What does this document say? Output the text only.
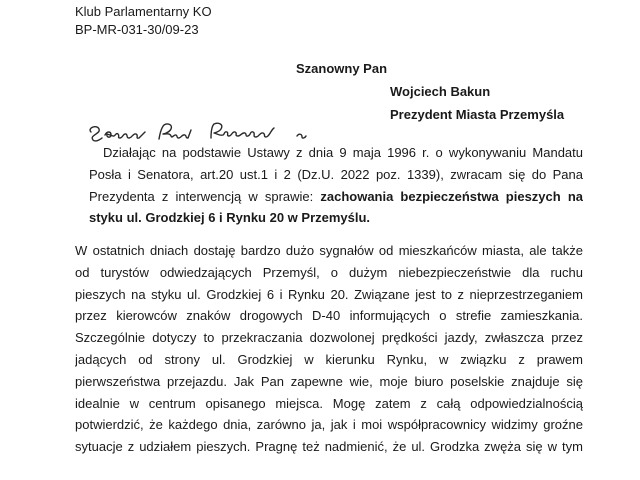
Klub Parlamentarny KO
BP-MR-031-30/09-23
Szanowny Pan
Wojciech Bakun
Prezydent Miasta Przemyśla
Działając na podstawie Ustawy z dnia 9 maja 1996 r. o wykonywaniu Mandatu
Posła i Senatora, art.20 ust.1 i 2 (Dz.U. 2022 poz. 1339), zwracam się do Pana
Prezydenta z interwencją w sprawie: zachowania bezpieczeństwa pieszych na
styku ul. Grodzkiej 6 i Rynku 20 w Przemyślu.
W ostatnich dniach dostaję bardzo dużo sygnałów od mieszkańców miasta, ale także
od turystów odwiedzających Przemyśl, o dużym niebezpieczeństwie dla ruchu
pieszych na styku ul. Grodzkiej 6 i Rynku 20. Związane jest to z nieprzestrzeganiem
przez kierowców znaków drogowych D-40 informujących o strefie zamieszkania.
Szczególnie dotyczy to przekraczania dozwolonej prędkości jazdy, zwłaszcza przez
jadących od strony ul. Grodzkiej w kierunku Rynku, w związku z prawem
pierwszeństwa przejazdu. Jak Pan zapewne wie, moje biuro poselskie znajduje się
idealnie w centrum opisanego miejsca. Mogę zatem z całą odpowiedzialnością
potwierdzić, że każdego dnia, zarówno ja, jak i moi współpracownicy widzimy groźne
sytuacje z udziałem pieszych. Pragnę też nadmienić, że ul. Grodzka zwęża się w tym
